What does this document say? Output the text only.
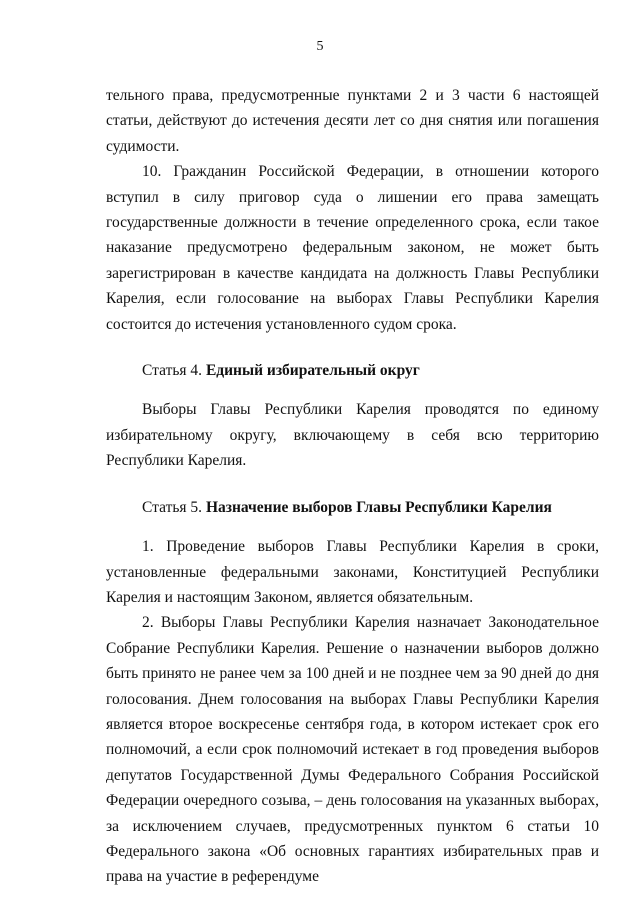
5

тельного права, предусмотренные пунктами 2 и 3 части 6 настоящей статьи, действуют до истечения десяти лет со дня снятия или погашения судимости.

10. Гражданин Российской Федерации, в отношении которого вступил в силу приговор суда о лишении его права замещать государственные должности в течение определенного срока, если такое наказание предусмотрено федеральным законом, не может быть зарегистрирован в качестве кандидата на должность Главы Республики Карелия, если голосование на выборах Главы Республики Карелия состоится до истечения установленного судом срока.

Статья 4. Единый избирательный округ

Выборы Главы Республики Карелия проводятся по единому избирательному округу, включающему в себя всю территорию Республики Карелия.

Статья 5. Назначение выборов Главы Республики Карелия

1. Проведение выборов Главы Республики Карелия в сроки, установленные федеральными законами, Конституцией Республики Карелия и настоящим Законом, является обязательным.

2. Выборы Главы Республики Карелия назначает Законодательное Собрание Республики Карелия. Решение о назначении выборов должно быть принято не ранее чем за 100 дней и не позднее чем за 90 дней до дня голосования. Днем голосования на выборах Главы Республики Карелия является второе воскресенье сентября года, в котором истекает срок его полномочий, а если срок полномочий истекает в год проведения выборов депутатов Государственной Думы Федерального Собрания Российской Федерации очередного созыва, – день голосования на указанных выборах, за исключением случаев, предусмотренных пунктом 6 статьи 10 Федерального закона «Об основных гарантиях избирательных прав и права на участие в референдуме
